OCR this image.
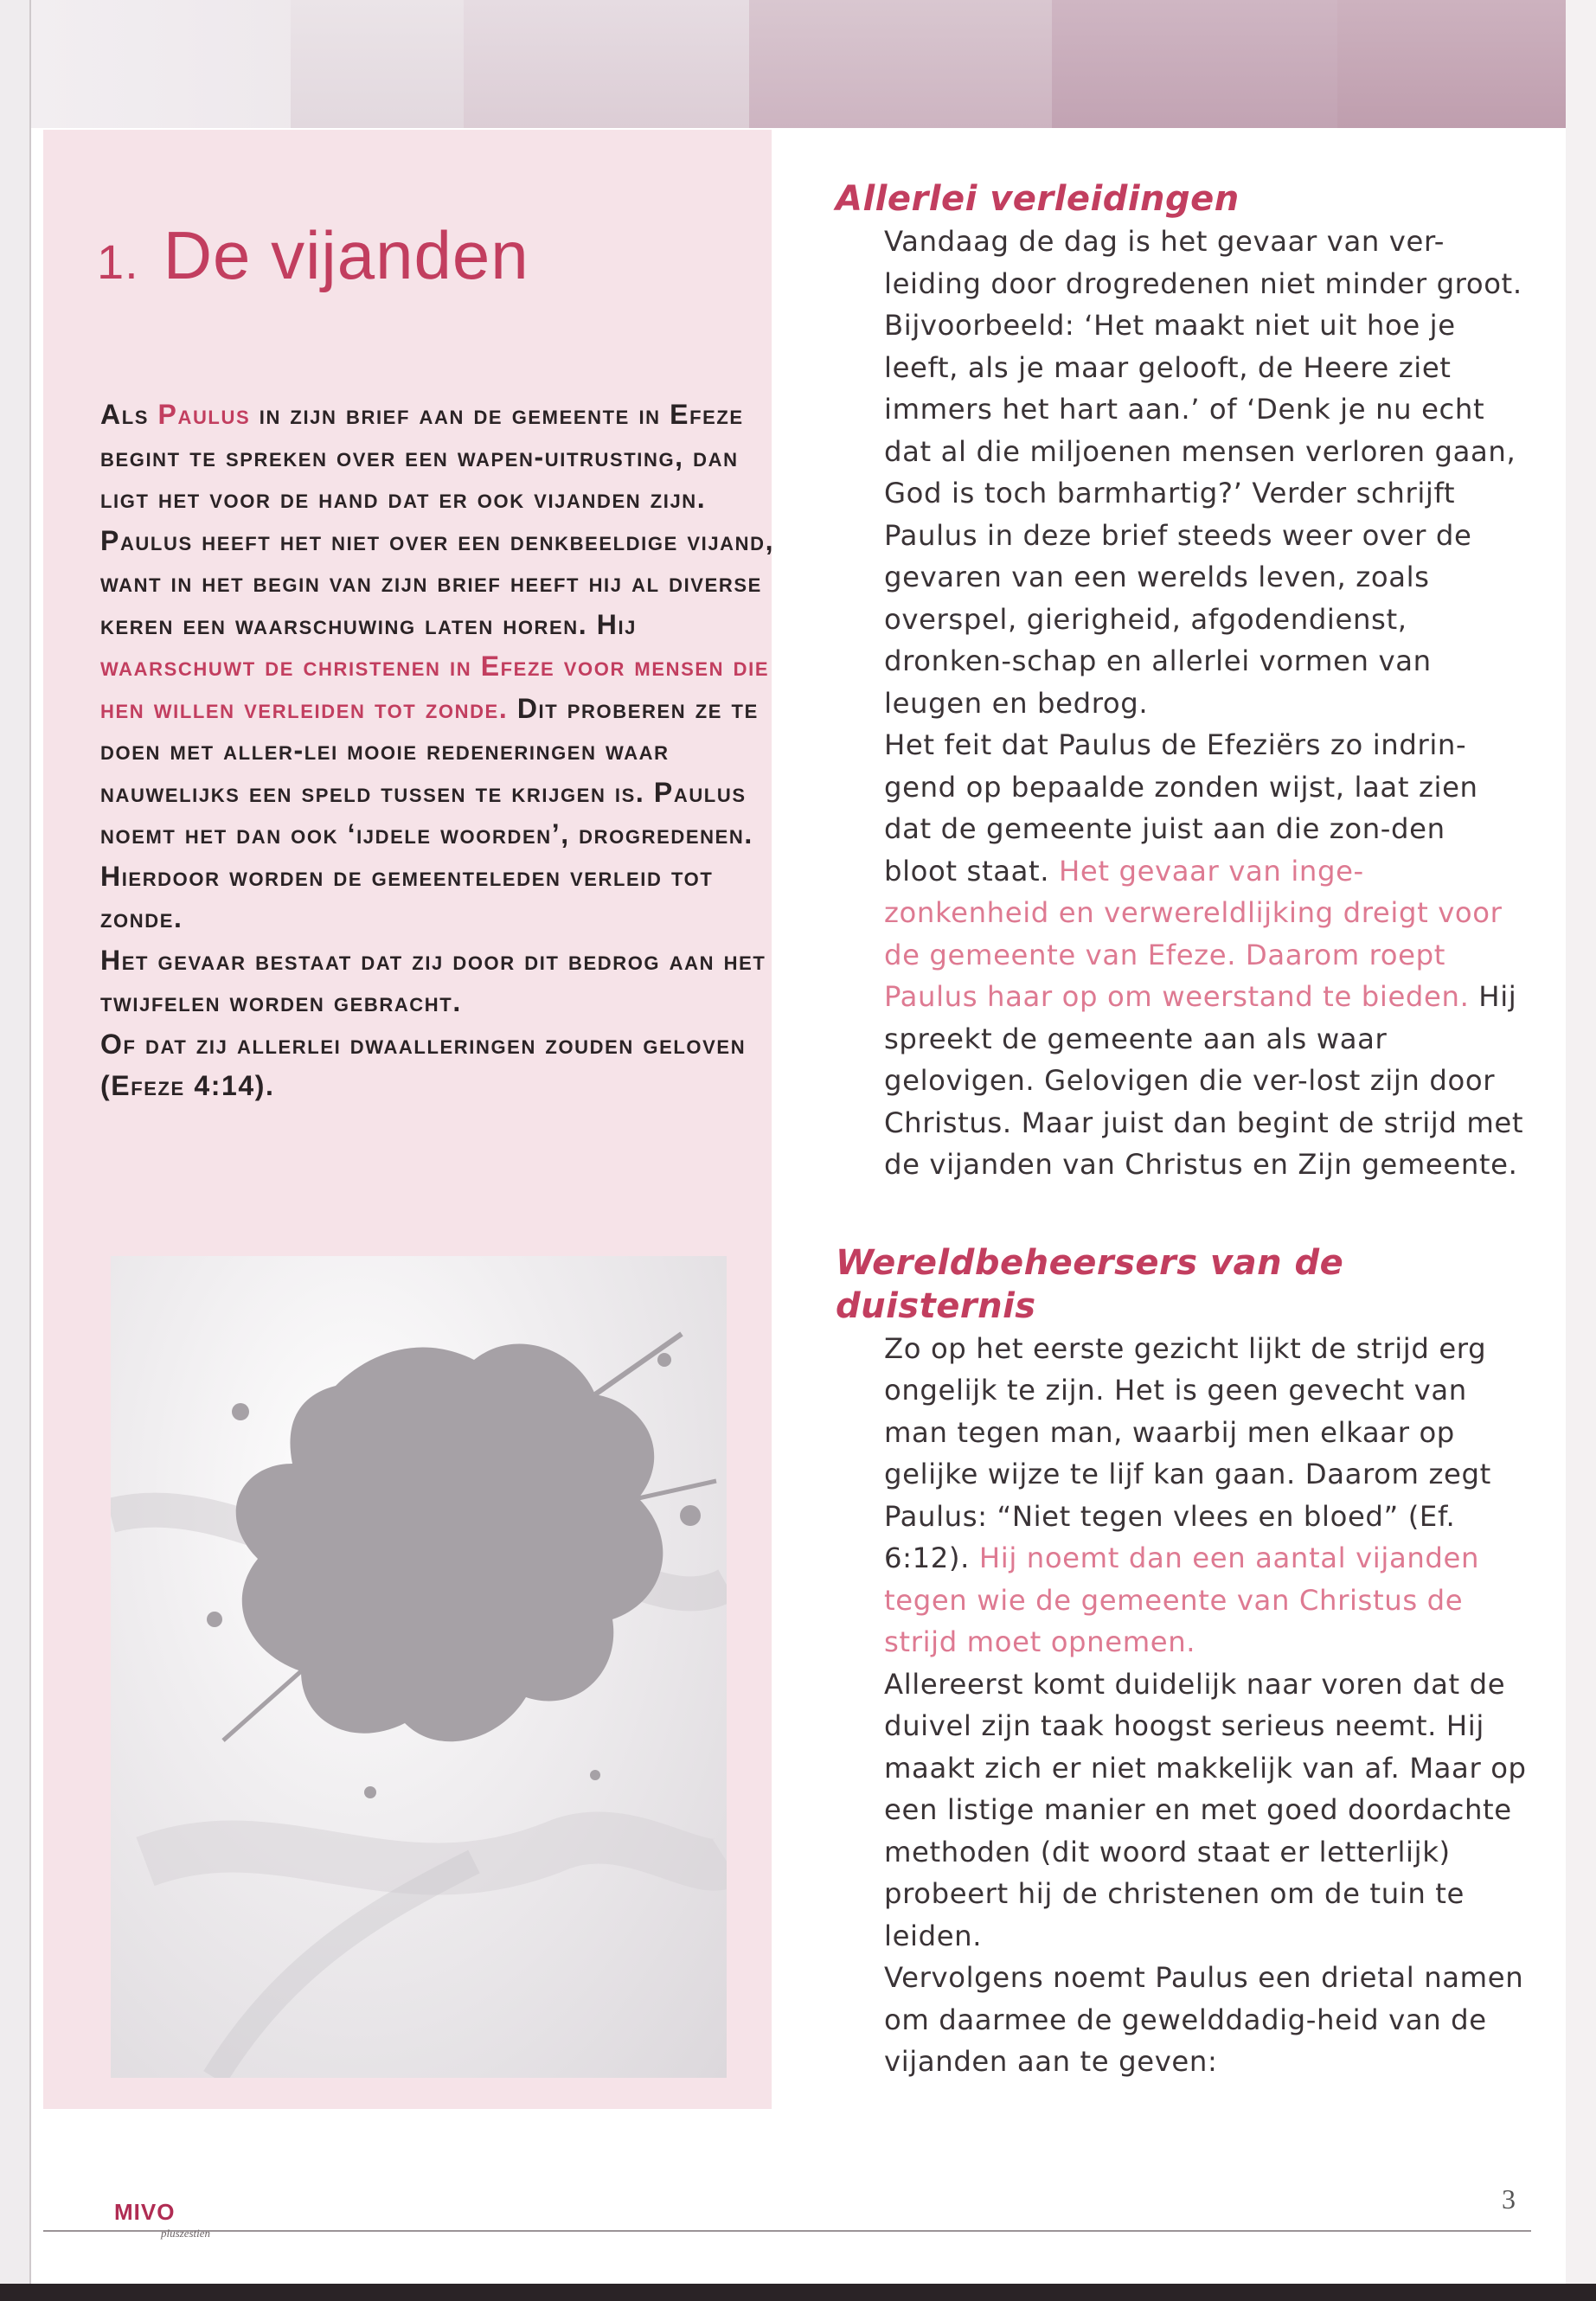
1. De vijanden

Als Paulus in zijn brief aan de gemeente in Efeze begint te spreken over een wapen-uitrusting, dan ligt het voor de hand dat er ook vijanden zijn. Paulus heeft het niet over een denkbeeldige vijand, want in het begin van zijn brief heeft hij al diverse keren een waarschuwing laten horen. Hij waarschuwt de christenen in Efeze voor mensen die hen willen verleiden tot zonde. Dit proberen ze te doen met aller-lei mooie redeneringen waar nauwelijks een speld tussen te krijgen is. Paulus noemt het dan ook ‘ijdele woorden’, drogredenen. Hierdoor worden de gemeenteleden verleid tot zonde.
Het gevaar bestaat dat zij door dit bedrog aan het twijfelen worden gebracht.
Of dat zij allerlei dwaalleringen zouden geloven (Efeze 4:14).

Allerlei verleidingen

Vandaag de dag is het gevaar van ver-leiding door drogredenen niet minder groot. Bijvoorbeeld: ‘Het maakt niet uit hoe je leeft, als je maar gelooft, de Heere ziet immers het hart aan.’ of ‘Denk je nu echt dat al die miljoenen mensen verloren gaan, God is toch barmhartig?’ Verder schrijft Paulus in deze brief steeds weer over de gevaren van een werelds leven, zoals overspel, gierigheid, afgodendienst, dronken-schap en allerlei vormen van leugen en bedrog.

Het feit dat Paulus de Efeziërs zo indrin-gend op bepaalde zonden wijst, laat zien dat de gemeente juist aan die zon-den bloot staat. Het gevaar van inge-zonkenheid en verwereldlijking dreigt voor de gemeente van Efeze. Daarom roept Paulus haar op om weerstand te bieden. Hij spreekt de gemeente aan als waar gelovigen. Gelovigen die ver-lost zijn door Christus. Maar juist dan begint de strijd met de vijanden van Christus en Zijn gemeente.

Wereldbeheersers van de duisternis

Zo op het eerste gezicht lijkt de strijd erg ongelijk te zijn. Het is geen gevecht van man tegen man, waarbij men elkaar op gelijke wijze te lijf kan gaan. Daarom zegt Paulus: “Niet tegen vlees en bloed” (Ef. 6:12). Hij noemt dan een aantal vijanden tegen wie de gemeente van Christus de strijd moet opnemen.

Allereerst komt duidelijk naar voren dat de duivel zijn taak hoogst serieus neemt. Hij maakt zich er niet makkelijk van af. Maar op een listige manier en met goed doordachte methoden (dit woord staat er letterlijk) probeert hij de christenen om de tuin te leiden.

Vervolgens noemt Paulus een drietal namen om daarmee de gewelddadig-heid van de vijanden aan te geven:

MIVO
pluszestien
3
